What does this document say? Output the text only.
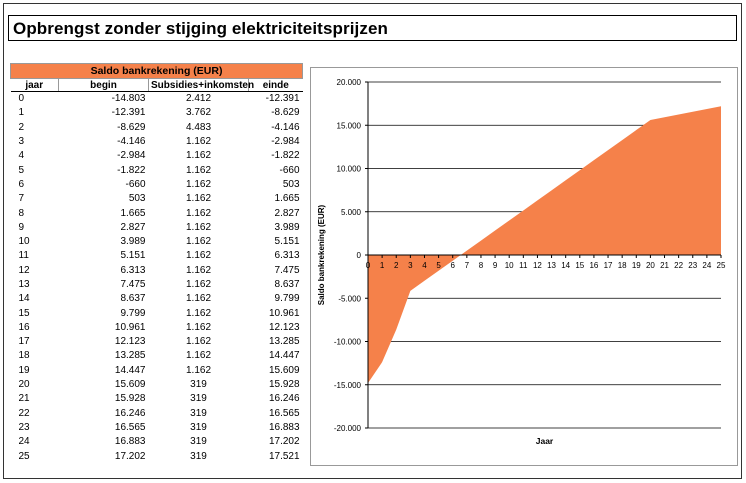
Opbrengst zonder stijging elektriciteitsprijzen
Saldo bankrekening (EUR)			
jaar	begin	Subsidies+inkomsten	einde
0	-14.803	2.412	-12.391
1	-12.391	3.762	-8.629
2	-8.629	4.483	-4.146
3	-4.146	1.162	-2.984
4	-2.984	1.162	-1.822
5	-1.822	1.162	-660
6	-660	1.162	503
7	503	1.162	1.665
8	1.665	1.162	2.827
9	2.827	1.162	3.989
10	3.989	1.162	5.151
11	5.151	1.162	6.313
12	6.313	1.162	7.475
13	7.475	1.162	8.637
14	8.637	1.162	9.799
15	9.799	1.162	10.961
16	10.961	1.162	12.123
17	12.123	1.162	13.285
18	13.285	1.162	14.447
19	14.447	1.162	15.609
20	15.609	319	15.928
21	15.928	319	16.246
22	16.246	319	16.565
23	16.565	319	16.883
24	16.883	319	17.202
25	17.202	319	17.521
20.000
15.000
10.000
5.000
0
-5.000
-10.000
-15.000
-20.000
0 1 2 3 4 5 6 7 8 9 10 11 12 13 14 15 16 17 18 19 20 21 22 23 24 25
Jaar
Saldo bankrekening (EUR)
